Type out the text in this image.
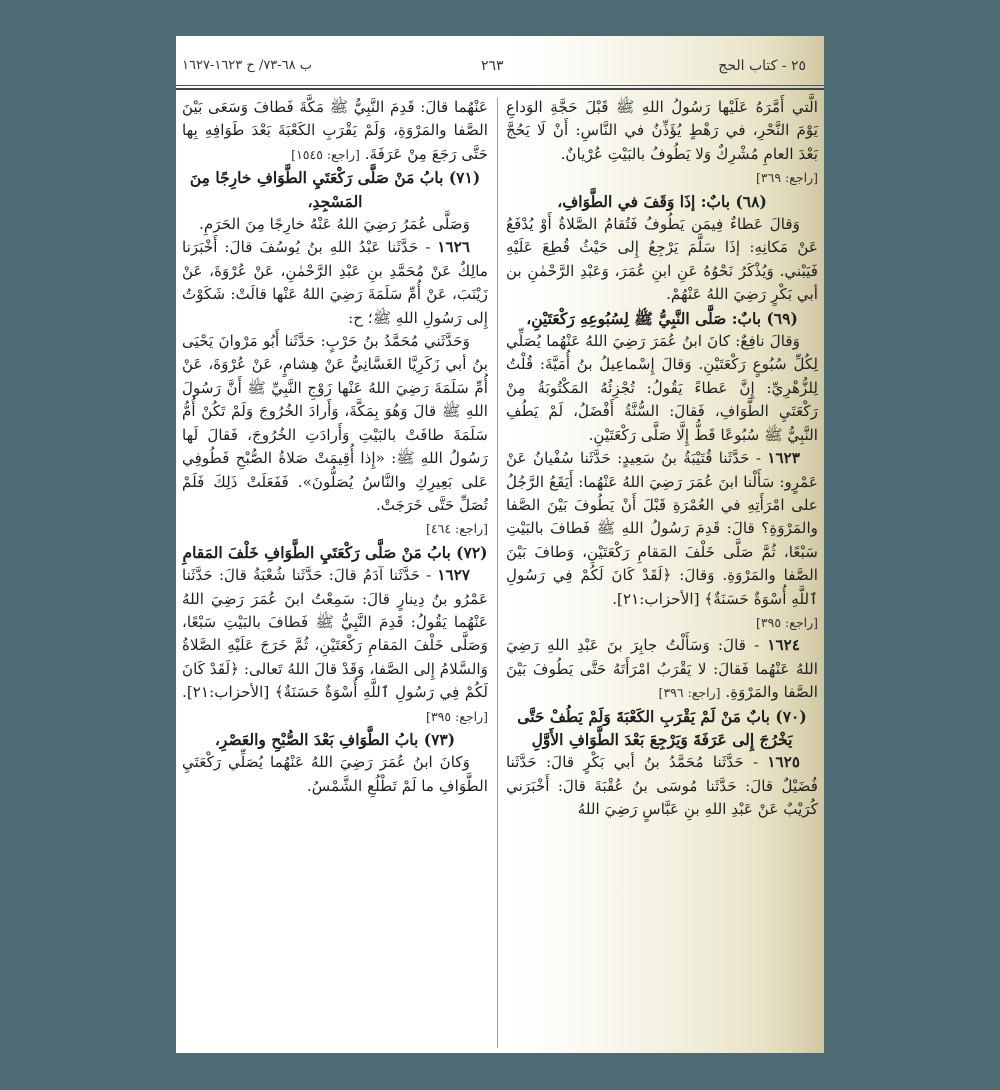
٢٥ - كتاب الحج
٢٦٣
ب ٦٨-٧٣/ ح ١٦٢٣-١٦٢٧

الَّتي أَمَّرَهُ عَلَيْها رَسُولُ اللهِ ﷺ قَبْلَ حَجَّةِ الوَداعِ يَوْمَ النَّحْرِ، في رَهْطٍ يُؤَذِّنُ في النَّاسِ: أَنْ لَا يَحُجَّ بَعْدَ العامِ مُشْرِكٌ وَلا يَطُوفُ بالبَيْتِ عُرْيانٌ.

[راجع: ٣٦٩]

(٦٨) بابٌ: إذَا وَقَفَ في الطَّوَافِ،

وَقالَ عَطاءٌ فِيمَن يَطُوفُ فَتُقامُ الصَّلاةُ أَوْ يُدْفَعُ عَنْ مَكانِهِ: إذَا سَلَّمَ يَرْجِعُ إِلى حَيْثُ قُطِعَ عَلَيْهِ فَيَبْني. وَيُذْكَرُ نَحْوُهُ عَنِ ابنِ عُمَرَ، وَعَبْدِ الرَّحْمٰنِ بن أبي بَكْرٍ رَضِيَ اللهُ عَنْهُمْ.

(٦٩) بابٌ: صَلَّى النَّبِيُّ ﷺ لِسُبُوعِهِ رَكْعَتَيْنِ،

وَقالَ نافِعٌ: كانَ ابنُ عُمَرَ رَضِيَ اللهُ عَنْهُما يُصَلِّي لِكُلِّ سُبُوعٍ رَكْعَتَيْنِ. وَقالَ إِسْماعِيلُ بنُ أُمَيَّةَ: قُلْتُ لِلزُّهْرِيِّ: إِنَّ عَطاءً يَقُولُ: تُجْزِئُهُ المَكْتُوبَةُ مِنْ رَكْعَتَيِ الطَّوَافِ، فَقالَ: السُّنَّةُ أَفْضَلُ، لَمْ يَطُفِ النَّبِيُّ ﷺ سُبُوعًا قَطُّ إِلَّا صَلَّى رَكْعَتَيْنِ.

١٦٢٣ - حَدَّثَنا قُتَيْبَةُ بنُ سَعِيدٍ: حَدَّثَنا سُفْيانُ عَنْ عَمْرٍو: سَأَلْنا ابنَ عُمَرَ رَضِيَ اللهُ عَنْهُما: أَيَقَعُ الرَّجُلُ على امْرَأَتِهِ في العُمْرَةِ قَبْلَ أَنْ يَطُوفَ بَيْنَ الصَّفا والمَرْوَةِ؟ قالَ: قَدِمَ رَسُولُ اللهِ ﷺ فَطافَ بالبَيْتِ سَبْعًا، ثُمَّ صَلَّى خَلْفَ المَقامِ رَكْعَتَيْنِ، وَطافَ بَيْنَ الصَّفا والمَرْوَةِ. وَقالَ: ﴿لَقَدْ كَانَ لَكُمْ فِي رَسُولِ ٱللَّهِ أُسْوَةٌ حَسَنَةٌ﴾ [الأحزاب:٢١].

[راجع: ٣٩٥]

١٦٢٤ - قالَ: وَسَأَلْتُ جابِرَ بنَ عَبْدِ اللهِ رَضِيَ اللهُ عَنْهُما فَقالَ: لا يَقْرَبُ امْرَأَتَهُ حَتَّى يَطُوفَ بَيْنَ الصَّفا والمَرْوَةِ. [راجع: ٣٩٦]

(٧٠) بابٌ مَنْ لَمْ يَقْرَبِ الكَعْبَةَ وَلَمْ يَطُفْ حَتَّى يَخْرُجَ إِلى عَرَفَةَ وَيَرْجِعَ بَعْدَ الطَّوَافِ الأَوَّلِ

١٦٢٥ - حَدَّثَنا مُحَمَّدُ بنُ أبي بَكْرٍ قالَ: حَدَّثَنا فُضَيْلٌ قالَ: حَدَّثَنا مُوسَى بنُ عُقْبَةَ قالَ: أَخْبَرَني كُرَيْبٌ عَنْ عَبْدِ اللهِ بنِ عَبَّاسٍ رَضِيَ اللهُ

عَنْهُما قالَ: قَدِمَ النَّبِيُّ ﷺ مَكَّةَ فَطافَ وَسَعَى بَيْنَ الصَّفا والمَرْوَةِ، وَلَمْ يَقْرَبِ الكَعْبَةَ بَعْدَ طَوَافِهِ بِها حَتَّى رَجَعَ مِنْ عَرَفَةَ. [راجع: ١٥٤٥]

(٧١) بابُ مَنْ صَلَّى رَكْعَتَيِ الطَّوَافِ خارِجًا مِنَ المَسْجِدِ،

وَصَلَّى عُمَرُ رَضِيَ اللهُ عَنْهُ خارِجًا مِنَ الحَرَمِ.

١٦٢٦ - حَدَّثَنا عَبْدُ اللهِ بنُ يُوسُفَ قالَ: أَخْبَرَنا مالِكٌ عَنْ مُحَمَّدِ بنِ عَبْدِ الرَّحْمٰنِ، عَنْ عُرْوَةَ، عَنْ زَيْنَبَ، عَنْ أُمِّ سَلَمَةَ رَضِيَ اللهُ عَنْها قالَتْ: شَكَوْتُ إِلى رَسُولِ اللهِ ﷺ؛ ح:

وَحَدَّثَني مُحَمَّدُ بنُ حَرْبٍ: حَدَّثَنا أَبُو مَرْوانَ يَحْيَى بنُ أبي زَكَرِيَّا الغَسَّانِيُّ عَنْ هِشامٍ، عَنْ عُرْوَةَ، عَنْ أُمِّ سَلَمَةَ رَضِيَ اللهُ عَنْها زَوْجِ النَّبِيِّ ﷺ أَنَّ رَسُولَ اللهِ ﷺ قالَ وَهُوَ بِمَكَّةَ، وَأَرادَ الخُرُوجَ وَلَمْ تَكُنْ أُمُّ سَلَمَةَ طافَتْ بالبَيْتِ وَأَرادَتِ الخُرُوجَ، فَقالَ لَها رَسُولُ اللهِ ﷺ: «إِذا أُقِيمَتْ صَلاةُ الصُّبْحِ فَطُوفِي عَلى بَعِيرِكِ والنَّاسُ يُصَلُّونَ». فَفَعَلَتْ ذَلِكَ فَلَمْ تُصَلِّ حَتَّى خَرَجَتْ.

[راجع: ٤٦٤]

(٧٢) بابُ مَنْ صَلَّى رَكْعَتَيِ الطَّوَافِ خَلْفَ المَقامِ

١٦٢٧ - حَدَّثَنا آدَمُ قالَ: حَدَّثَنا شُعْبَةُ قالَ: حَدَّثَنا عَمْرُو بنُ دِينارٍ قالَ: سَمِعْتُ ابنَ عُمَرَ رَضِيَ اللهُ عَنْهُما يَقُولُ: قَدِمَ النَّبِيُّ ﷺ فَطافَ بالبَيْتِ سَبْعًا، وَصَلَّى خَلْفَ المَقامِ رَكْعَتَيْنِ، ثُمَّ خَرَجَ عَلَيْهِ الصَّلاةُ وَالسَّلامُ إِلى الصَّفا، وَقَدْ قالَ اللهُ تَعالى: ﴿لَقَدْ كَانَ لَكُمْ فِي رَسُولِ ٱللَّهِ أُسْوَةٌ حَسَنَةٌ﴾ [الأحزاب:٢١]. [راجع: ٣٩٥]

(٧٣) بابُ الطَّوَافِ بَعْدَ الصُّبْحِ والعَصْرِ،

وَكانَ ابنُ عُمَرَ رَضِيَ اللهُ عَنْهُما يُصَلِّي رَكْعَتَيِ الطَّوَافِ ما لَمْ تَطْلُعِ الشَّمْسُ.
